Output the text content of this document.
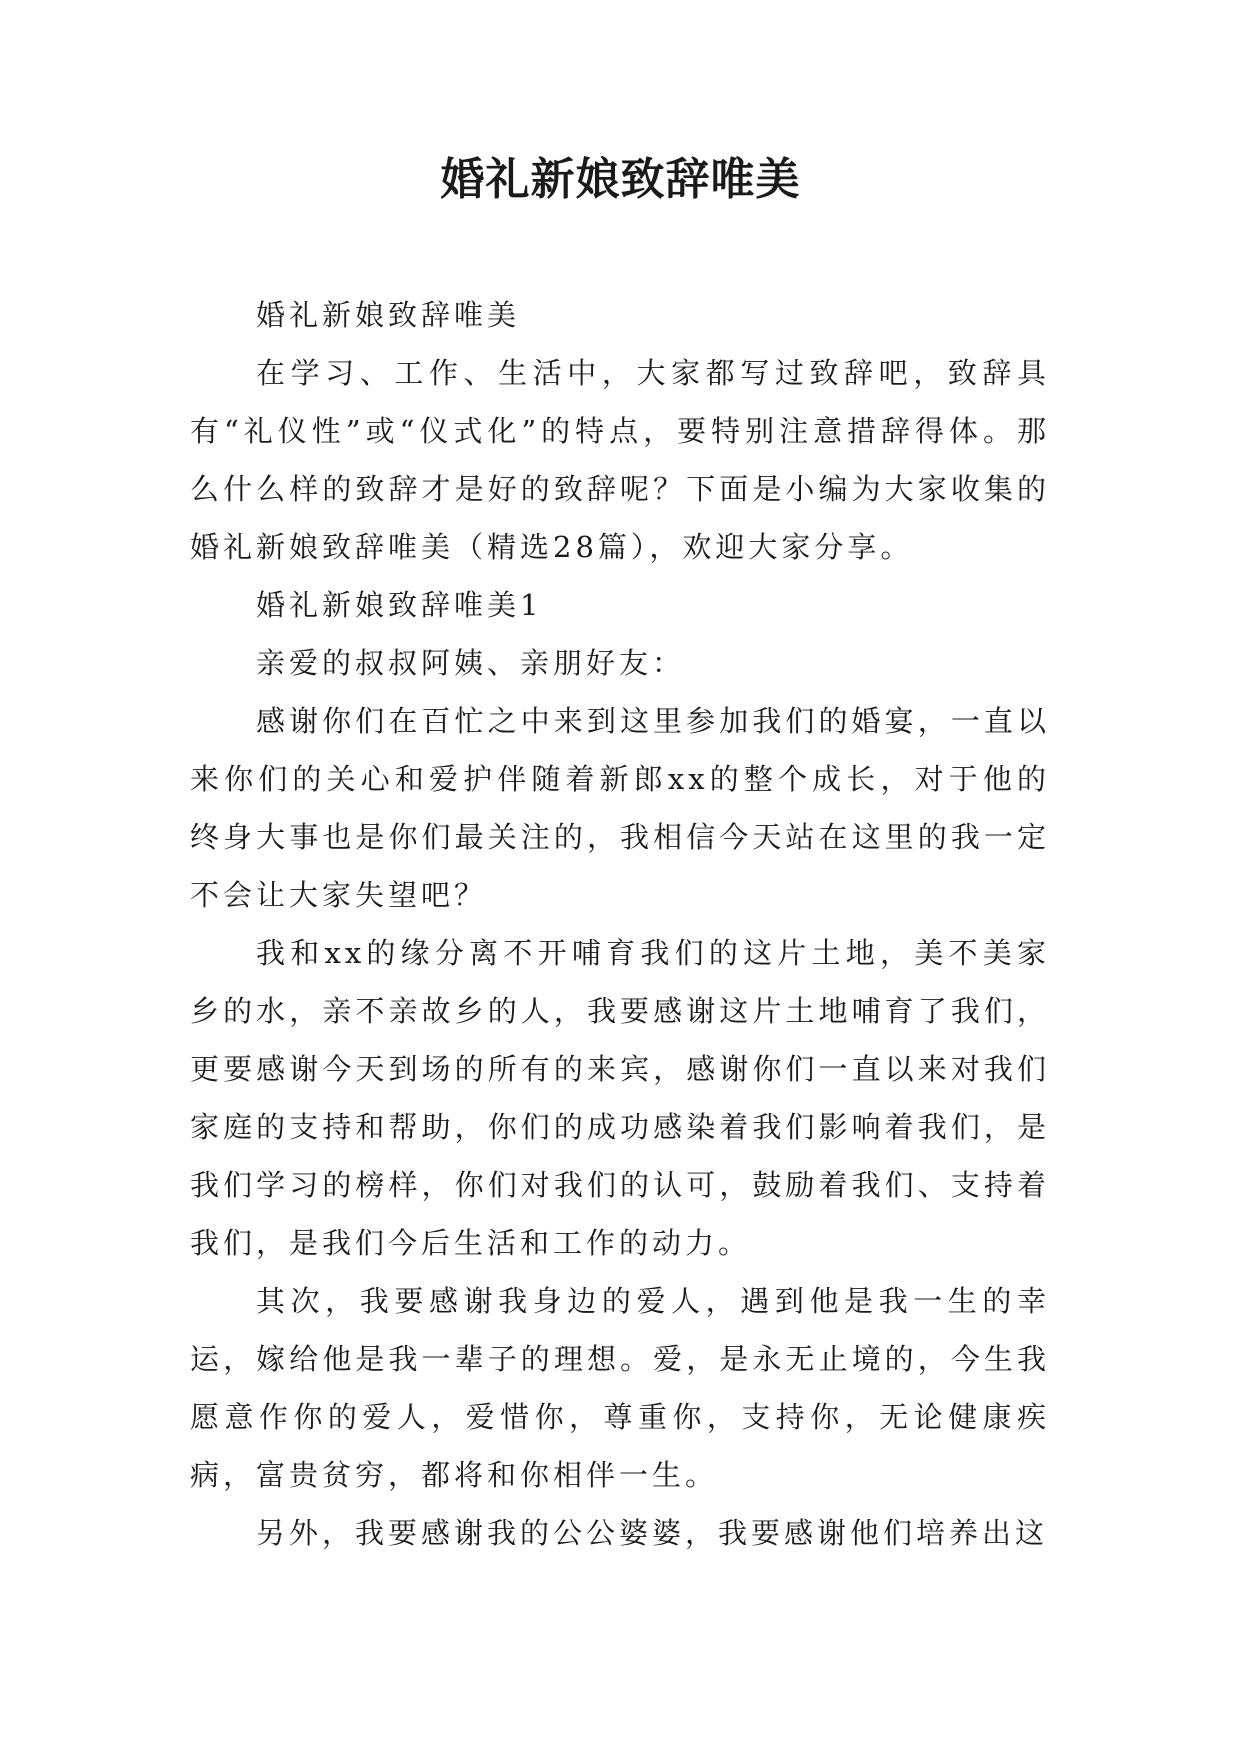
婚礼新娘致辞唯美

婚礼新娘致辞唯美

在学习、工作、生活中，大家都写过致辞吧，致辞具有“礼仪性”或“仪式化”的特点，要特别注意措辞得体。那么什么样的致辞才是好的致辞呢？下面是小编为大家收集的婚礼新娘致辞唯美（精选28篇），欢迎大家分享。

婚礼新娘致辞唯美1

亲爱的叔叔阿姨、亲朋好友：

感谢你们在百忙之中来到这里参加我们的婚宴，一直以来你们的关心和爱护伴随着新郎xx的整个成长，对于他的终身大事也是你们最关注的，我相信今天站在这里的我一定不会让大家失望吧？

我和xx的缘分离不开哺育我们的这片土地，美不美家乡的水，亲不亲故乡的人，我要感谢这片土地哺育了我们，更要感谢今天到场的所有的来宾，感谢你们一直以来对我们家庭的支持和帮助，你们的成功感染着我们影响着我们，是我们学习的榜样，你们对我们的认可，鼓励着我们、支持着我们，是我们今后生活和工作的动力。

其次，我要感谢我身边的爱人，遇到他是我一生的幸运，嫁给他是我一辈子的理想。爱，是永无止境的，今生我愿意作你的爱人，爱惜你，尊重你，支持你，无论健康疾病，富贵贫穷，都将和你相伴一生。

另外，我要感谢我的公公婆婆，我要感谢他们培养出这
